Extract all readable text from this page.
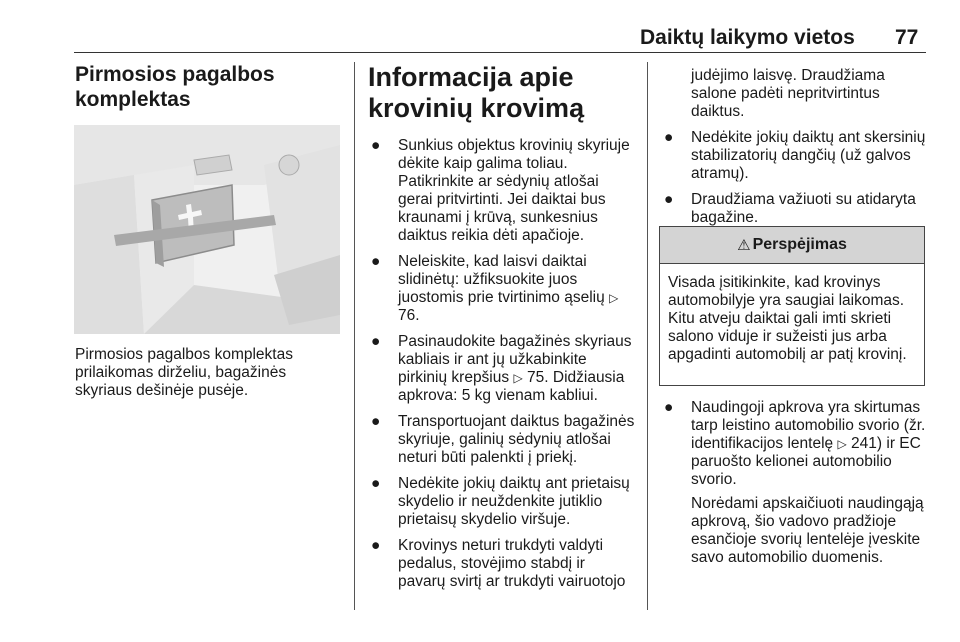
Daiktų laikymo vietos 77
Pirmosios pagalbos komplektas
Pirmosios pagalbos komplektas prilaikomas dirželiu, bagažinės skyriaus dešinėje pusėje.
Informacija apie krovinių krovimą
● Sunkius objektus krovinių skyriuje dėkite kaip galima toliau. Patikrinkite ar sėdynių atlošai gerai pritvirtinti. Jei daiktai bus kraunami į krūvą, sunkesnius daiktus reikia dėti apačioje.
● Neleiskite, kad laisvi daiktai slidinėtų: užfiksuokite juos juostomis prie tvirtinimo ąselių ▷ 76.
● Pasinaudokite bagažinės skyriaus kabliais ir ant jų užkabinkite pirkinių krepšius ▷ 75. Didžiausia apkrova: 5 kg vienam kabliui.
● Transportuojant daiktus bagažinės skyriuje, galinių sėdynių atlošai neturi būti palenkti į priekį.
● Nedėkite jokių daiktų ant prietaisų skydelio ir neuždenkite jutiklio prietaisų skydelio viršuje.
● Krovinys neturi trukdyti valdyti pedalus, stovėjimo stabdį ir pavarų svirtį ar trukdyti vairuotojo
judėjimo laisvę. Draudžiama salone padėti nepritvirtintus daiktus.
● Nedėkite jokių daiktų ant skersinių stabilizatorių dangčių (už galvos atramų).
● Draudžiama važiuoti su atidaryta bagažine.
⚠ Perspėjimas
Visada įsitikinkite, kad krovinys automobilyje yra saugiai laikomas. Kitu atveju daiktai gali imti skrieti salono viduje ir sužeisti jus arba apgadinti automobilį ar patį krovinį.
● Naudingoji apkrova yra skirtumas tarp leistino automobilio svorio (žr. identifikacijos lentelę ▷ 241) ir EC paruošto kelionei automobilio svorio.
Norėdami apskaičiuoti naudingąją apkrovą, šio vadovo pradžioje esančioje svorių lentelėje įveskite savo automobilio duomenis.
